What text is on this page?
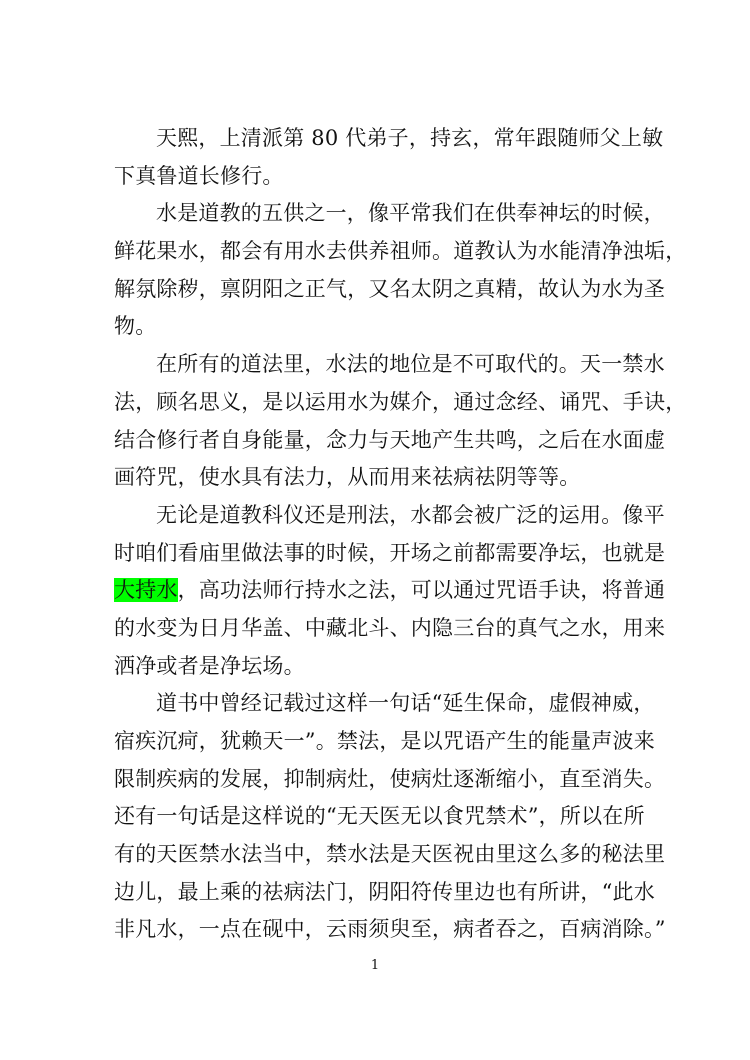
天熙，上清派第 80 代弟子，持玄，常年跟随师父上敏
下真鲁道长修行。
水是道教的五供之一，像平常我们在供奉神坛的时候，
鲜花果水，都会有用水去供养祖师。道教认为水能清净浊垢，
解氛除秽，禀阴阳之正气，又名太阴之真精，故认为水为圣
物。
在所有的道法里，水法的地位是不可取代的。天一禁水
法，顾名思义，是以运用水为媒介，通过念经、诵咒、手诀，
结合修行者自身能量，念力与天地产生共鸣，之后在水面虚
画符咒，使水具有法力，从而用来祛病祛阴等等。
无论是道教科仪还是刑法，水都会被广泛的运用。像平
时咱们看庙里做法事的时候，开场之前都需要净坛，也就是
大持水，高功法师行持水之法，可以通过咒语手诀，将普通
的水变为日月华盖、中藏北斗、内隐三台的真气之水，用来
洒净或者是净坛场。
道书中曾经记载过这样一句话“延生保命，虚假神威，
宿疾沉疴，犹赖天一”。禁法，是以咒语产生的能量声波来
限制疾病的发展，抑制病灶，使病灶逐渐缩小，直至消失。
还有一句话是这样说的“无天医无以食咒禁术”，所以在所
有的天医禁水法当中，禁水法是天医祝由里这么多的秘法里
边儿，最上乘的祛病法门，阴阳符传里边也有所讲，“此水
非凡水，一点在砚中，云雨须臾至，病者吞之，百病消除。”
1
